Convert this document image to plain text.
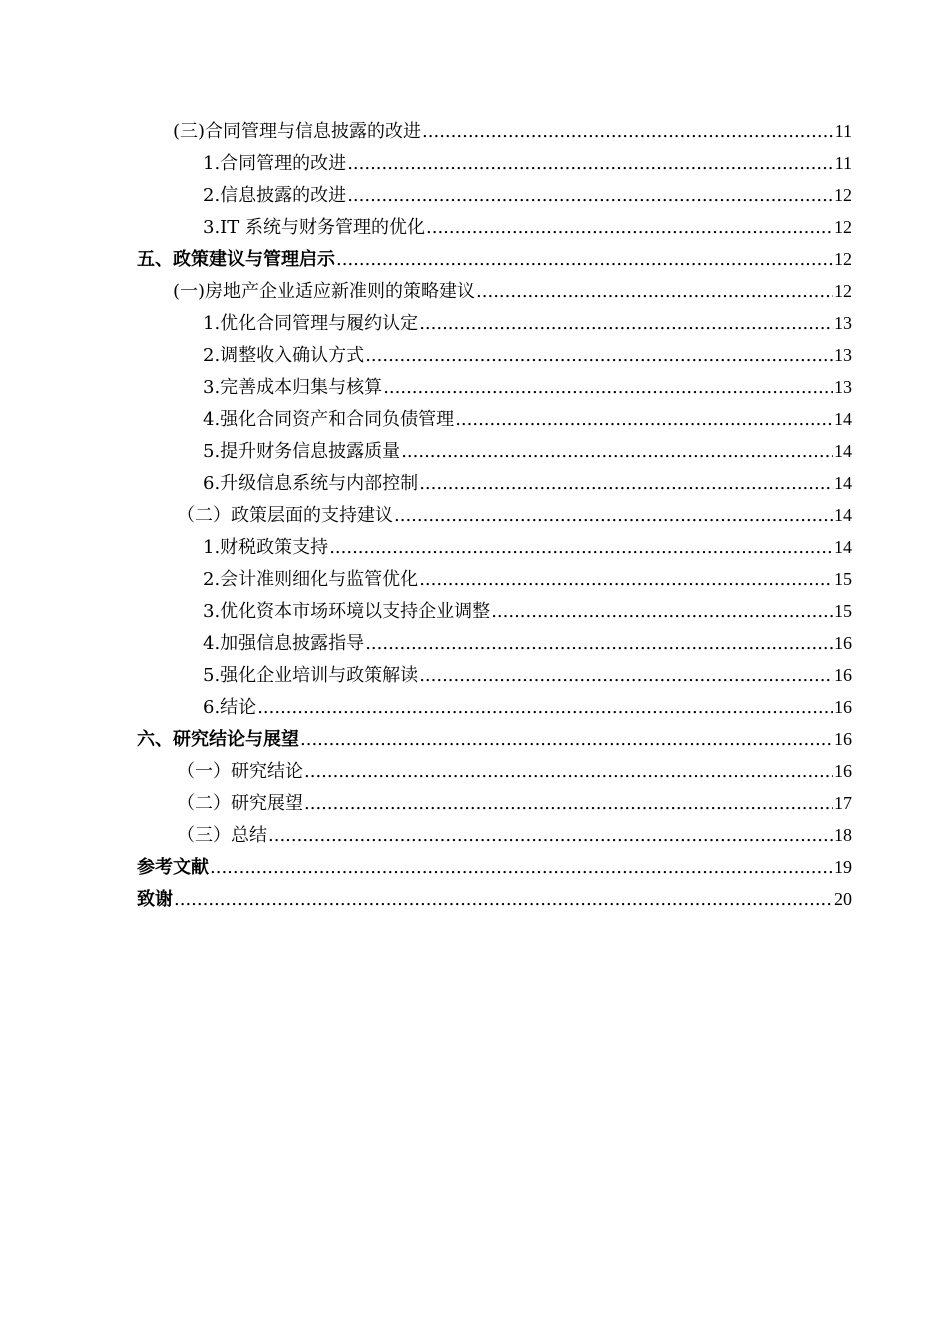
(三)合同管理与信息披露的改进 .....	11
1.合同管理的改进 .....	11
2.信息披露的改进 .....	12
3.IT 系统与财务管理的优化 .....	12
五、政策建议与管理启示 .....	12
(一)房地产企业适应新准则的策略建议 .....	12
1.优化合同管理与履约认定 .....	13
2.调整收入确认方式 .....	13
3.完善成本归集与核算 .....	13
4.强化合同资产和合同负债管理 .....	14
5.提升财务信息披露质量 .....	14
6.升级信息系统与内部控制 .....	14
（二）政策层面的支持建议 .....	14
1.财税政策支持 .....	14
2.会计准则细化与监管优化 .....	15
3.优化资本市场环境以支持企业调整 .....	15
4.加强信息披露指导 .....	16
5.强化企业培训与政策解读 .....	16
6.结论 .....	16
六、研究结论与展望 .....	16
（一）研究结论 .....	16
（二）研究展望 .....	17
（三）总结 .....	18
参考文献 .....	19
致谢 .....	20
